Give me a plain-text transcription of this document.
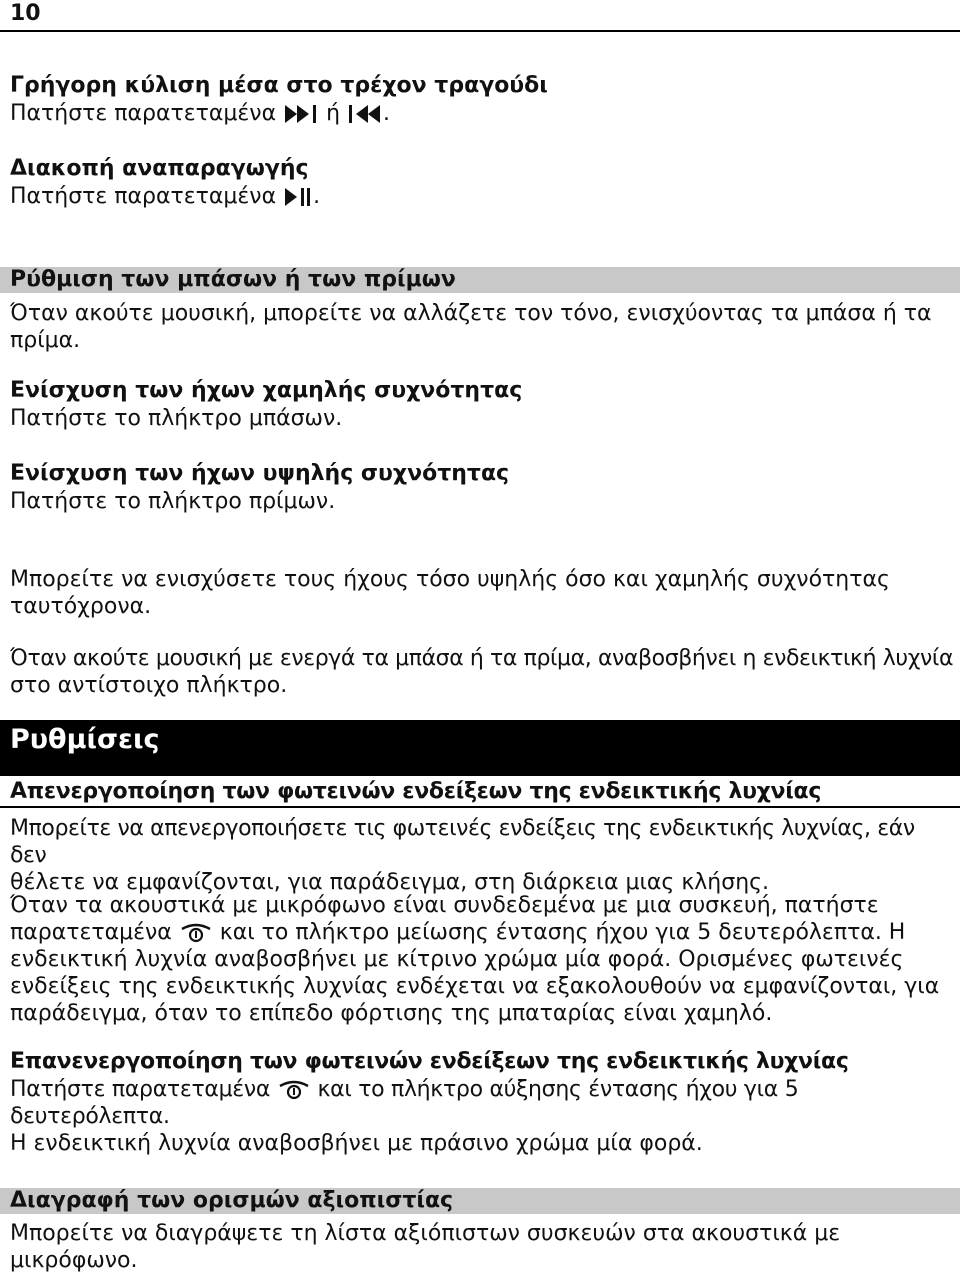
10
Γρήγορη κύλιση μέσα στο τρέχον τραγούδι

Πατήστε παρατεταμένα ή .

Διακοπή αναπαραγωγής

Πατήστε παρατεταμένα .

Ρύθμιση των μπάσων ή των πρίμων

Όταν ακούτε μουσική, μπορείτε να αλλάζετε τον τόνο, ενισχύοντας τα μπάσα ή τα

πρίμα.

Ενίσχυση των ήχων χαμηλής συχνότητας

Πατήστε το πλήκτρο μπάσων.

Ενίσχυση των ήχων υψηλής συχνότητας

Πατήστε το πλήκτρο πρίμων.

Μπορείτε να ενισχύσετε τους ήχους τόσο υψηλής όσο και χαμηλής συχνότητας

ταυτόχρονα.

Όταν ακούτε μουσική με ενεργά τα μπάσα ή τα πρίμα, αναβοσβήνει η ενδεικτική λυχνία

στο αντίστοιχο πλήκτρο.

Ρυθμίσεις
Απενεργοποίηση των φωτεινών ενδείξεων της ενδεικτικής λυχνίας

Μπορείτε να απενεργοποιήσετε τις φωτεινές ενδείξεις της ενδεικτικής λυχνίας, εάν δεν

θέλετε να εμφανίζονται, για παράδειγμα, στη διάρκεια μιας κλήσης.

Όταν τα ακουστικά με μικρόφωνο είναι συνδεδεμένα με μια συσκευή, πατήστε

παρατεταμένα και το πλήκτρο μείωσης έντασης ήχου για 5 δευτερόλεπτα. Η

ενδεικτική λυχνία αναβοσβήνει με κίτρινο χρώμα μία φορά. Ορισμένες φωτεινές

ενδείξεις της ενδεικτικής λυχνίας ενδέχεται να εξακολουθούν να εμφανίζονται, για

παράδειγμα, όταν το επίπεδο φόρτισης της μπαταρίας είναι χαμηλό.

Επανενεργοποίηση των φωτεινών ενδείξεων της ενδεικτικής λυχνίας

Πατήστε παρατεταμένα και το πλήκτρο αύξησης έντασης ήχου για 5 δευτερόλεπτα.

Η ενδεικτική λυχνία αναβοσβήνει με πράσινο χρώμα μία φορά.

Διαγραφή των ορισμών αξιοπιστίας

Μπορείτε να διαγράψετε τη λίστα αξιόπιστων συσκευών στα ακουστικά με

μικρόφωνο.
